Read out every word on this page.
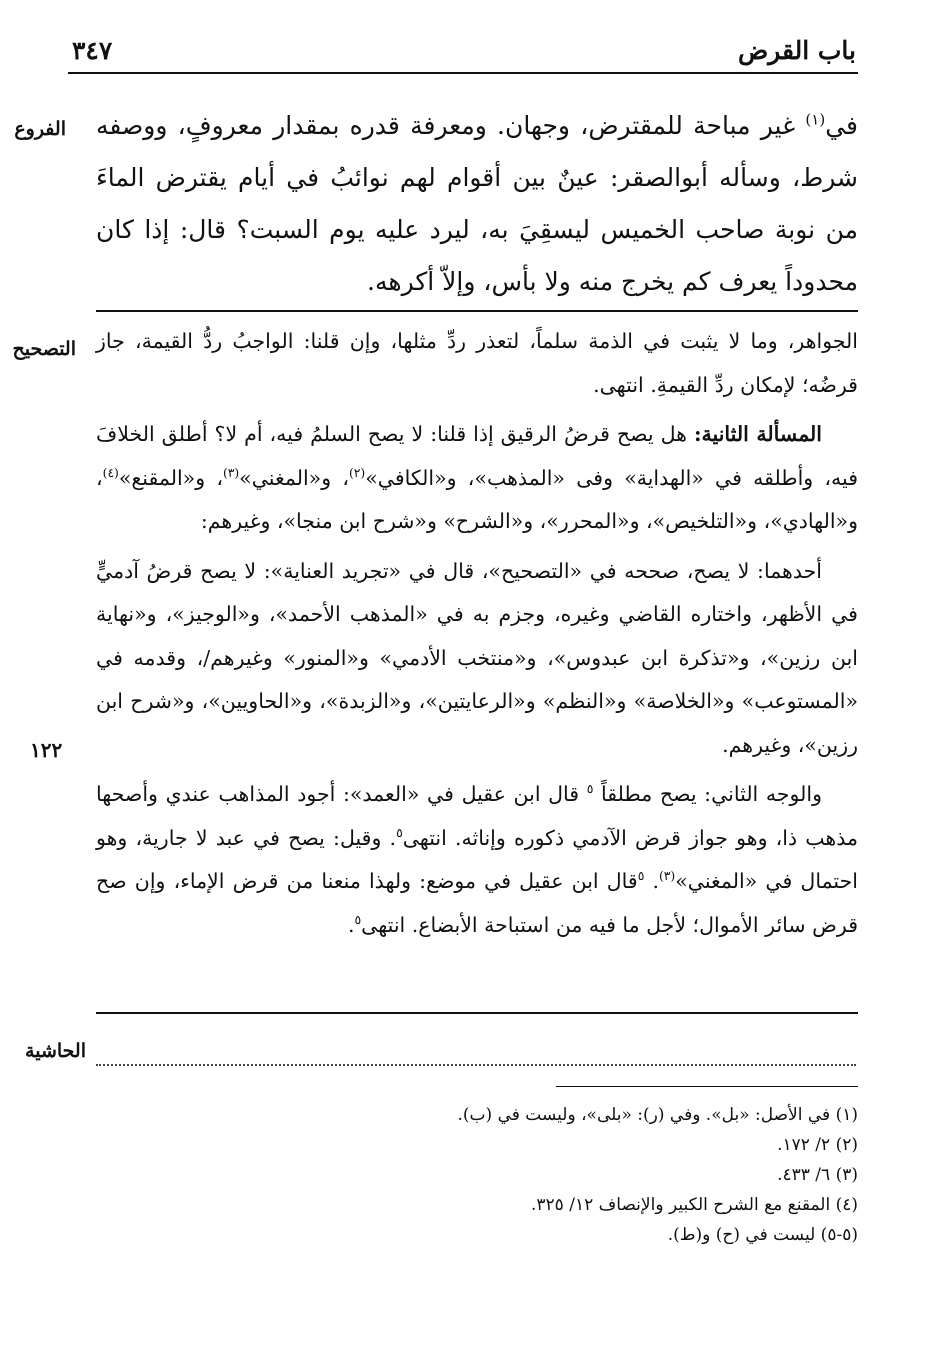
باب القرض
٣٤٧
الفروع	في$^{(١)}$ غير مباحة للمقترض، وجهان. ومعرفة قدره بمقدار معروفٍ، ووصفه شرط، وسأله أبوالصقر: عينٌ بين أقوام لهم نوائبُ في أيام يقترض الماءَ من نوبة صاحب الخميس ليسقِيَ به، ليرد عليه يوم السبت؟ قال: إذا كان محدوداً يعرف كم يخرج منه ولا بأس، وإلاّ أكرهه.

التصحيح
١٢٢

الجواهر، وما لا يثبت في الذمة سلماً، لتعذر ردِّ مثلها، وإن قلنا: الواجبُ ردُّ القيمة، جاز قرضُه؛ لإمكان ردِّ القيمةِ. انتهى.

المسألة الثانية: هل يصح قرضُ الرقيق إذا قلنا: لا يصح السلمُ فيه، أم لا؟ أطلق الخلافَ فيه، وأطلقه في «الهداية» وفى «المذهب»، و«الكافي»$^{(٢)}$، و«المغني»$^{(٣)}$، و«المقنع»$^{(٤)}$، و«الهادي»، و«التلخيص»، و«المحرر»، و«الشرح» و«شرح ابن منجا»، وغيرهم:

أحدهما: لا يصح، صححه في «التصحيح»، قال في «تجريد العناية»: لا يصح قرضُ آدميٍّ في الأظهر، واختاره القاضي وغيره، وجزم به في «المذهب الأحمد»، و«الوجيز»، و«نهاية ابن رزين»، و«تذكرة ابن عبدوس»، و«منتخب الأدمي» و«المنور» وغيرهم/، وقدمه في «المستوعب» و«الخلاصة» و«النظم» و«الرعايتين»، و«الزبدة»، و«الحاويين»، و«شرح ابن رزين»، وغيرهم.

والوجه الثاني: يصح مطلقاً $^٥$ قال ابن عقيل في «العمد»: أجود المذاهب عندي وأصحها مذهب ذا، وهو جواز قرض الآدمي ذكوره وإناثه. انتهى$^٥$. وقيل: يصح في عبد لا جارية، وهو احتمال في «المغني»$^{(٣)}$. $^٥$قال ابن عقيل في موضع: ولهذا منعنا من قرض الإماء، وإن صح قرض سائر الأموال؛ لأجل ما فيه من استباحة الأبضاع. انتهى$^٥$.

الحاشية
(١) في الأصل: «بل». وفي (ر): «بلى»، وليست في (ب).
(٢) ٢/ ١٧٢.
(٣) ٦/ ٤٣٣.
(٤) المقنع مع الشرح الكبير والإنصاف ١٢/ ٣٢٥.
(٥-٥) ليست في (ح) و(ط).
